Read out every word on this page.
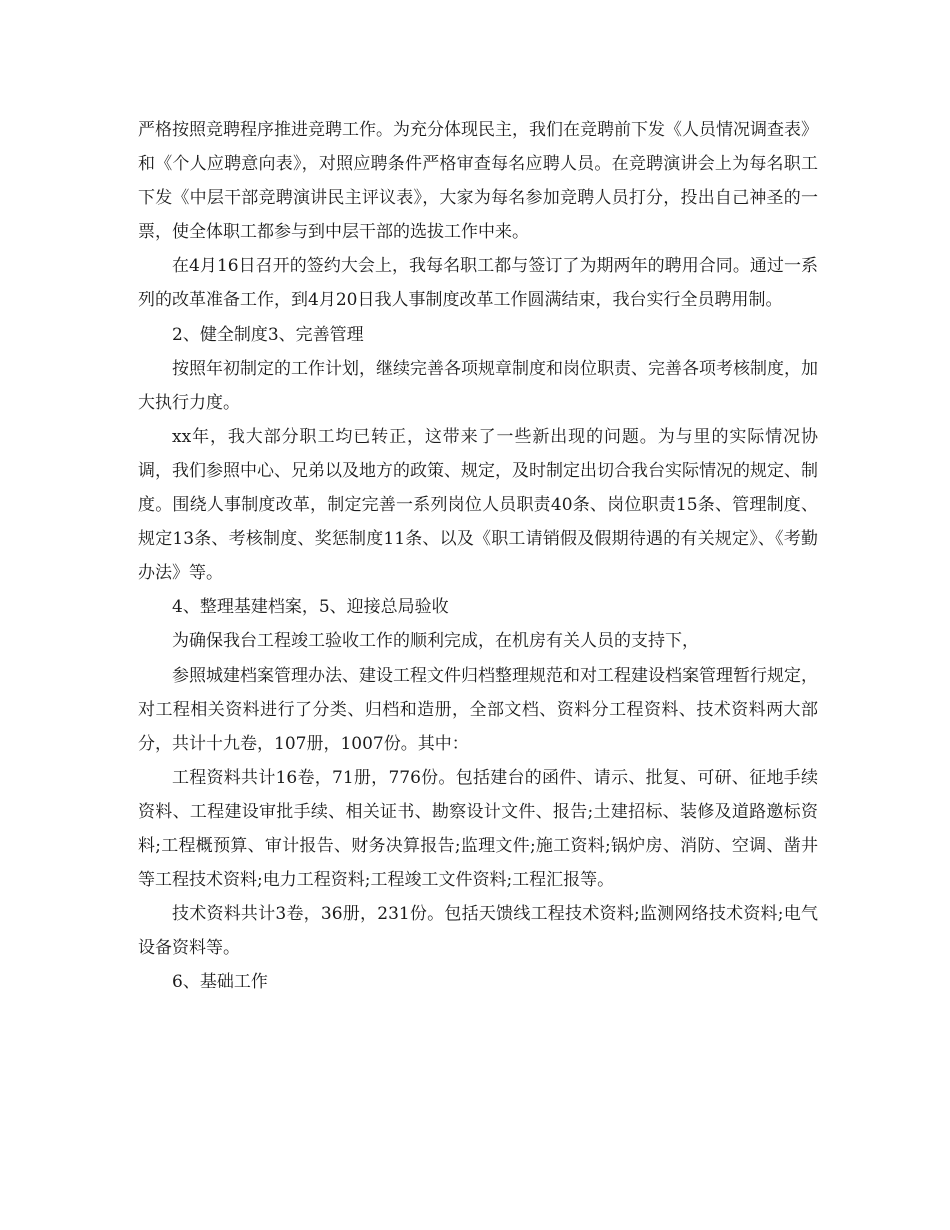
严格按照竞聘程序推进竞聘工作。为充分体现民主，我们在竞聘前下发《人员情况调查表》和《个人应聘意向表》，对照应聘条件严格审查每名应聘人员。在竞聘演讲会上为每名职工下发《中层干部竞聘演讲民主评议表》，大家为每名参加竞聘人员打分，投出自己神圣的一票，使全体职工都参与到中层干部的选拔工作中来。

在4月16日召开的签约大会上，我每名职工都与签订了为期两年的聘用合同。通过一系列的改革准备工作，到4月20日我人事制度改革工作圆满结束，我台实行全员聘用制。

2、健全制度3、完善管理

按照年初制定的工作计划，继续完善各项规章制度和岗位职责、完善各项考核制度，加大执行力度。

xx年，我大部分职工均已转正，这带来了一些新出现的问题。为与里的实际情况协调，我们参照中心、兄弟以及地方的政策、规定，及时制定出切合我台实际情况的规定、制度。围绕人事制度改革，制定完善一系列岗位人员职责40条、岗位职责15条、管理制度、规定13条、考核制度、奖惩制度11条、以及《职工请销假及假期待遇的有关规定》、《考勤办法》等。

4、整理基建档案，5、迎接总局验收

为确保我台工程竣工验收工作的顺利完成，在机房有关人员的支持下，

参照城建档案管理办法、建设工程文件归档整理规范和对工程建设档案管理暂行规定，对工程相关资料进行了分类、归档和造册，全部文档、资料分工程资料、技术资料两大部分，共计十九卷，107册，1007份。其中：

工程资料共计16卷，71册，776份。包括建台的函件、请示、批复、可研、征地手续资料、工程建设审批手续、相关证书、勘察设计文件、报告;土建招标、装修及道路邀标资料;工程概预算、审计报告、财务决算报告;监理文件;施工资料;锅炉房、消防、空调、凿井等工程技术资料;电力工程资料;工程竣工文件资料;工程汇报等。

技术资料共计3卷，36册，231份。包括天馈线工程技术资料;监测网络技术资料;电气设备资料等。

6、基础工作
